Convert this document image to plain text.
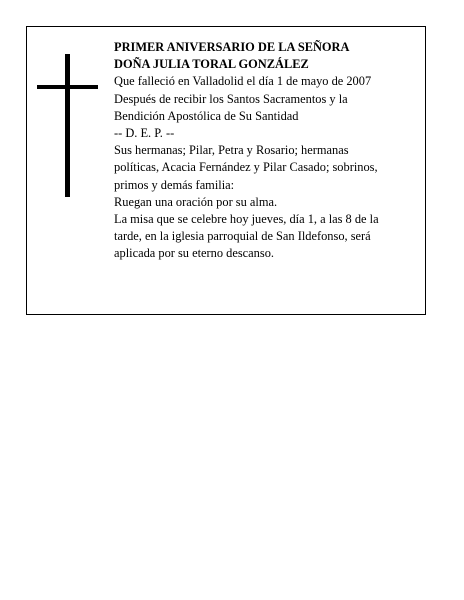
PRIMER ANIVERSARIO DE LA SEÑORA
DOÑA JULIA TORAL GONZÁLEZ
Que falleció en Valladolid el día 1 de mayo de 2007
Después de recibir los Santos Sacramentos y la
Bendición Apostólica de Su Santidad
-- D. E. P. --
Sus hermanas; Pilar, Petra y Rosario; hermanas
políticas, Acacia Fernández y Pilar Casado; sobrinos,
primos y demás familia:
Ruegan una oración por su alma.
La misa que se celebre hoy jueves, día 1, a las 8 de la
tarde, en la iglesia parroquial de San Ildefonso, será
aplicada por su eterno descanso.
